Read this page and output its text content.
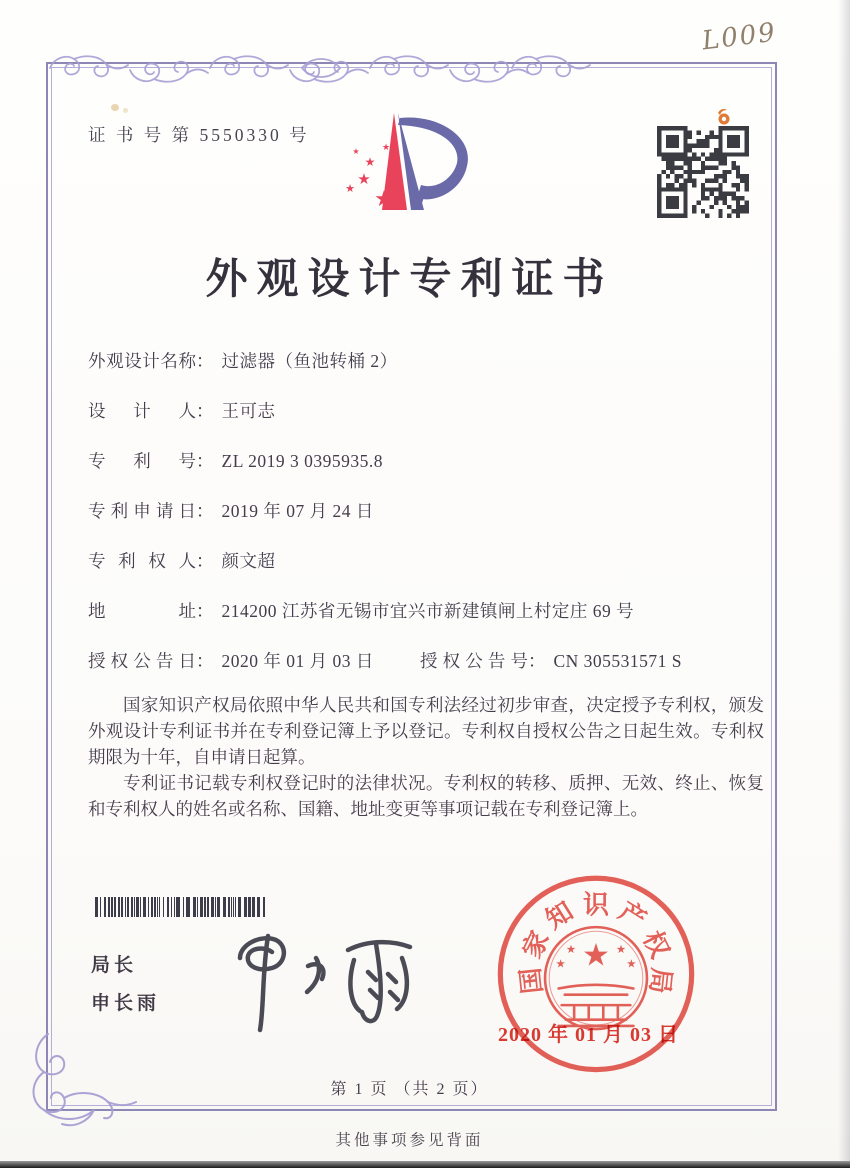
L009
证 书 号 第 5550330 号
★
★
★
★
★
★
外观设计专利证书
外观设计名称 ： 过滤器（鱼池转桶 2）
设计人 ： 王可志
专利号 ： ZL 2019 3 0395935.8
专利申请日 ： 2019 年 07 月 24 日
专利权人 ： 颜文超
地址 ： 214200 江苏省无锡市宜兴市新建镇闸上村定庄 69 号
授权公告日 ： 2020 年 01 月 03 日	授权公告号 ： CN 305531571 S

国家知识产权局依照中华人民共和国专利法经过初步审查，决定授予专利权，颁发外观设计专利证书并在专利登记簿上予以登记。专利权自授权公告之日起生效。专利权期限为十年，自申请日起算。

专利证书记载专利权登记时的法律状况。专利权的转移、质押、无效、终止、恢复和专利权人的姓名或名称、国籍、地址变更等事项记载在专利登记簿上。

局长
申长雨
国
家
知 识 产
权
局
★
★
★
★
★
2020 年 01 月 03 日
第 1 页 （共 2 页）
其他事项参见背面
